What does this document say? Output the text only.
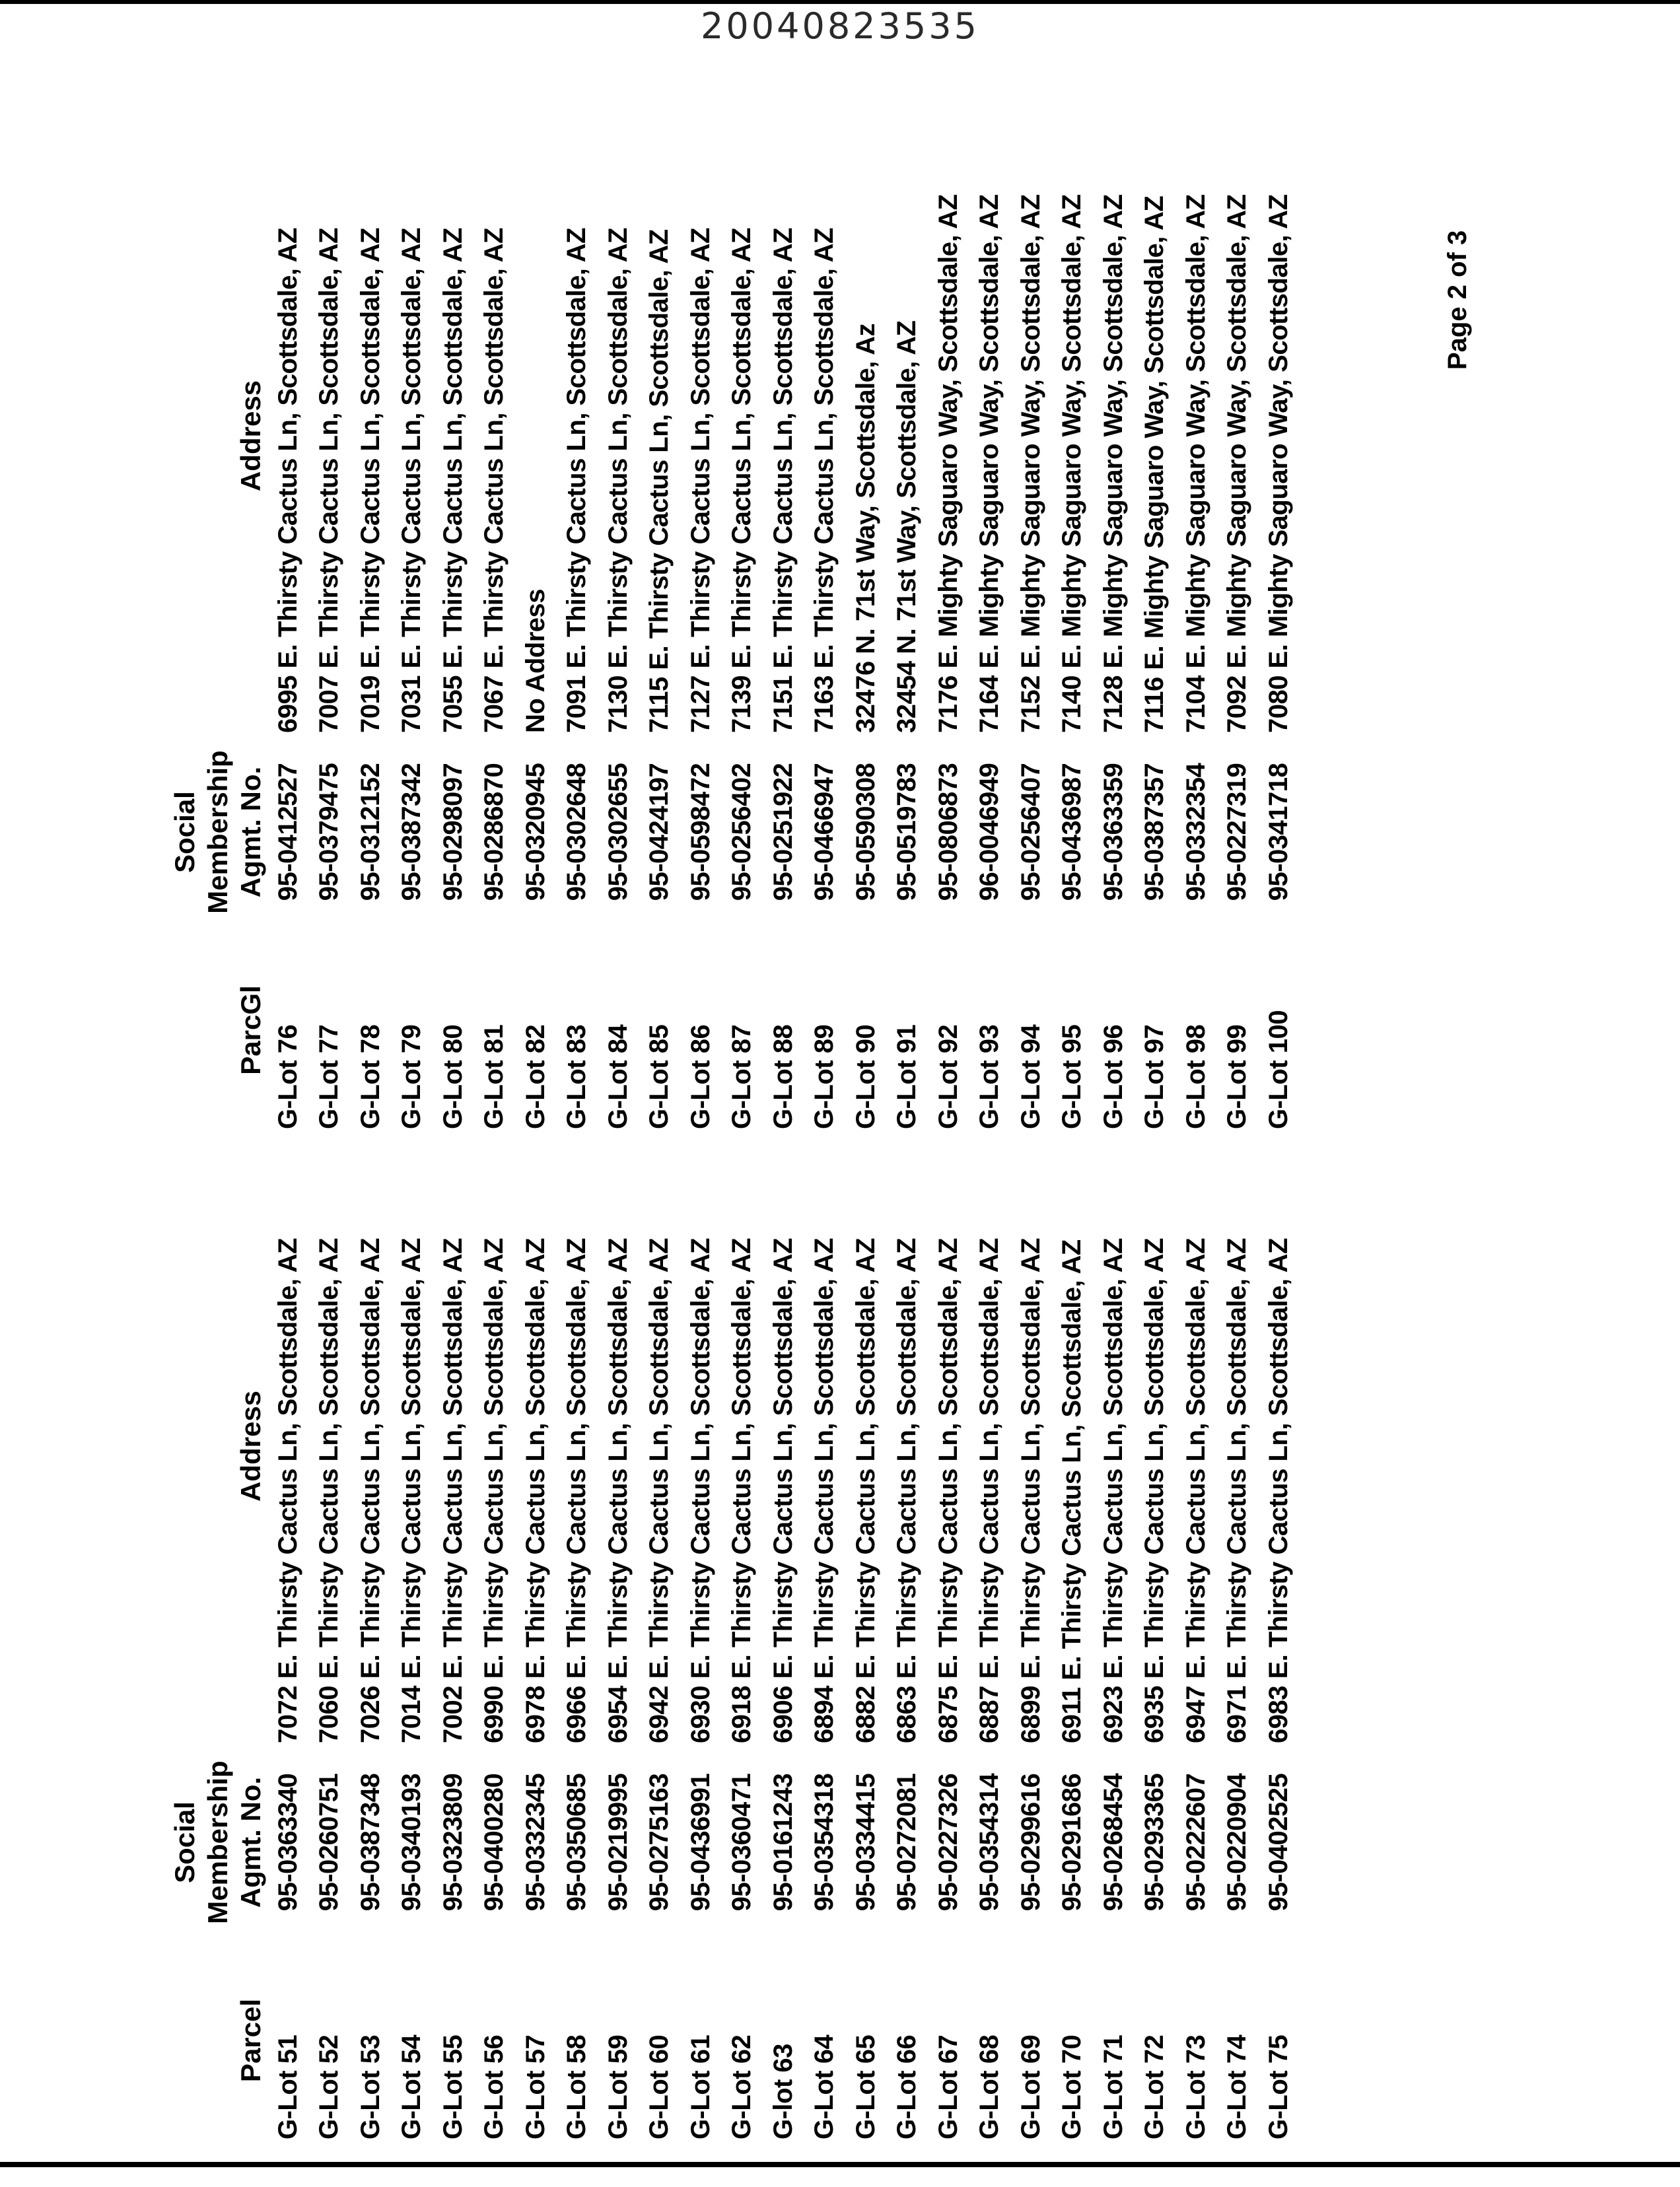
20040823535
Parcel
Social Membership Agmt. No.
Address
G-Lot 51
95-0363340
7072 E. Thirsty Cactus Ln, Scottsdale, AZ
G-Lot 52
95-0260751
7060 E. Thirsty Cactus Ln, Scottsdale, AZ
G-Lot 53
95-0387348
7026 E. Thirsty Cactus Ln, Scottsdale, AZ
G-Lot 54
95-0340193
7014 E. Thirsty Cactus Ln, Scottsdale, AZ
G-Lot 55
95-0323809
7002 E. Thirsty Cactus Ln, Scottsdale, AZ
G-Lot 56
95-0400280
6990 E. Thirsty Cactus Ln, Scottsdale, AZ
G-Lot 57
95-0332345
6978 E. Thirsty Cactus Ln, Scottsdale, AZ
G-Lot 58
95-0350685
6966 E. Thirsty Cactus Ln, Scottsdale, AZ
G-Lot 59
95-0219995
6954 E. Thirsty Cactus Ln, Scottsdale, AZ
G-Lot 60
95-0275163
6942 E. Thirsty Cactus Ln, Scottsdale, AZ
G-Lot 61
95-0436991
6930 E. Thirsty Cactus Ln, Scottsdale, AZ
G-Lot 62
95-0360471
6918 E. Thirsty Cactus Ln, Scottsdale, AZ
G-lot 63
95-0161243
6906 E. Thirsty Cactus Ln, Scottsdale, AZ
G-Lot 64
95-0354318
6894 E. Thirsty Cactus Ln, Scottsdale, AZ
G-Lot 65
95-0334415
6882 E. Thirsty Cactus Ln, Scottsdale, AZ
G-Lot 66
95-0272081
6863 E. Thirsty Cactus Ln, Scottsdale, AZ
G-Lot 67
95-0227326
6875 E. Thirsty Cactus Ln, Scottsdale, AZ
G-Lot 68
95-0354314
6887 E. Thirsty Cactus Ln, Scottsdale, AZ
G-Lot 69
95-0299616
6899 E. Thirsty Cactus Ln, Scottsdale, AZ
G-Lot 70
95-0291686
6911 E. Thirsty Cactus Ln, Scottsdale, AZ
G-Lot 71
95-0268454
6923 E. Thirsty Cactus Ln, Scottsdale, AZ
G-Lot 72
95-0293365
6935 E. Thirsty Cactus Ln, Scottsdale, AZ
G-Lot 73
95-0222607
6947 E. Thirsty Cactus Ln, Scottsdale, AZ
G-Lot 74
95-0220904
6971 E. Thirsty Cactus Ln, Scottsdale, AZ
G-Lot 75
95-0402525
6983 E. Thirsty Cactus Ln, Scottsdale, AZ
ParcGl
Social Membership Agmt. No.
Address
G-Lot 76
95-0412527
6995 E. Thirsty Cactus Ln, Scottsdale, AZ
G-Lot 77
95-0379475
7007 E. Thirsty Cactus Ln, Scottsdale, AZ
G-Lot 78
95-0312152
7019 E. Thirsty Cactus Ln, Scottsdale, AZ
G-Lot 79
95-0387342
7031 E. Thirsty Cactus Ln, Scottsdale, AZ
G-Lot 80
95-0298097
7055 E. Thirsty Cactus Ln, Scottsdale, AZ
G-Lot 81
95-0286870
7067 E. Thirsty Cactus Ln, Scottsdale, AZ
G-Lot 82
95-0320945
No Address
G-Lot 83
95-0302648
7091 E. Thirsty Cactus Ln, Scottsdale, AZ
G-Lot 84
95-0302655
7130 E. Thirsty Cactus Ln, Scottsdale, AZ
G-Lot 85
95-0424197
7115 E. Thirsty Cactus Ln, Scottsdale, AZ
G-Lot 86
95-0598472
7127 E. Thirsty Cactus Ln, Scottsdale, AZ
G-Lot 87
95-0256402
7139 E. Thirsty Cactus Ln, Scottsdale, AZ
G-Lot 88
95-0251922
7151 E. Thirsty Cactus Ln, Scottsdale, AZ
G-Lot 89
95-0466947
7163 E. Thirsty Cactus Ln, Scottsdale, AZ
G-Lot 90
95-0590308
32476 N. 71st Way, Scottsdale, Az
G-Lot 91
95-0519783
32454 N. 71st Way, Scottsdale, AZ
G-Lot 92
95-0806873
7176 E. Mighty Saguaro Way, Scottsdale, AZ
G-Lot 93
96-0046949
7164 E. Mighty Saguaro Way, Scottsdale, AZ
G-Lot 94
95-0256407
7152 E. Mighty Saguaro Way, Scottsdale, AZ
G-Lot 95
95-0436987
7140 E. Mighty Saguaro Way, Scottsdale, AZ
G-Lot 96
95-0363359
7128 E. Mighty Saguaro Way, Scottsdale, AZ
G-Lot 97
95-0387357
7116 E. Mighty Saguaro Way, Scottsdale, AZ
G-Lot 98
95-0332354
7104 E. Mighty Saguaro Way, Scottsdale, AZ
G-Lot 99
95-0227319
7092 E. Mighty Saguaro Way, Scottsdale, AZ
G-Lot 100
95-0341718
7080 E. Mighty Saguaro Way, Scottsdale, AZ	Page 2 of 3
